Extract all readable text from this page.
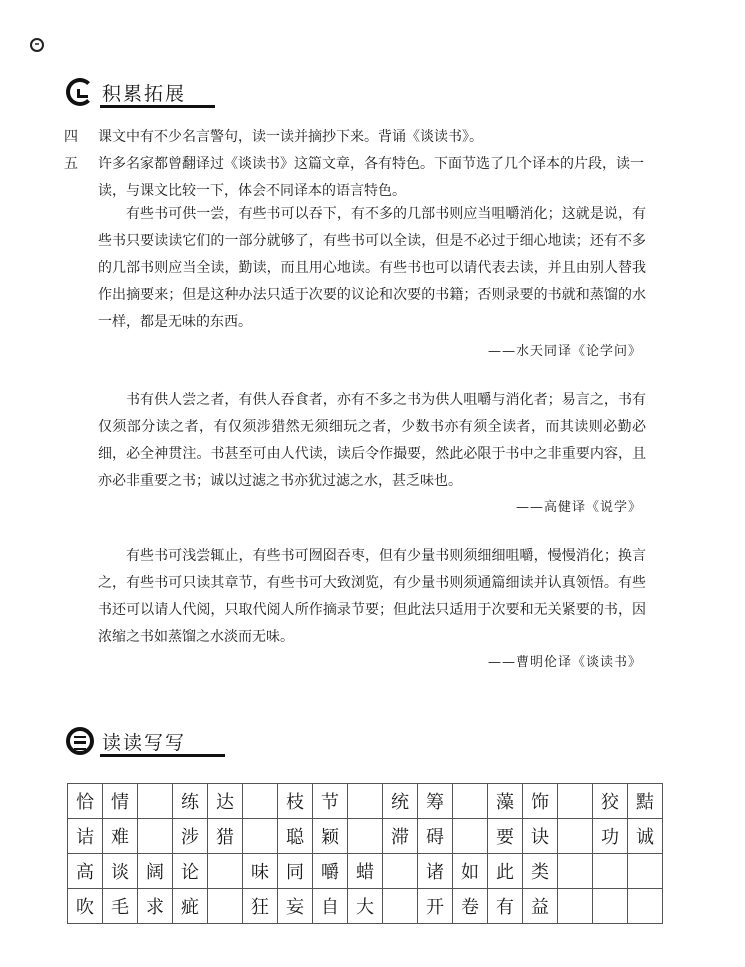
积累拓展
四	课文中有不少名言警句，读一读并摘抄下来。背诵《谈读书》。
五	许多名家都曾翻译过《谈读书》这篇文章，各有特色。下面节选了几个译本的片段，读一读，与课文比较一下，体会不同译本的语言特色。

有些书可供一尝，有些书可以吞下，有不多的几部书则应当咀嚼消化；这就是说，有些书只要读读它们的一部分就够了，有些书可以全读，但是不必过于细心地读；还有不多的几部书则应当全读，勤读，而且用心地读。有些书也可以请代表去读，并且由别人替我作出摘要来；但是这种办法只适于次要的议论和次要的书籍；否则录要的书就和蒸馏的水一样，都是无味的东西。

——水天同译《论学问》

书有供人尝之者，有供人吞食者，亦有不多之书为供人咀嚼与消化者；易言之，书有仅须部分读之者，有仅须涉猎然无须细玩之者，少数书亦有须全读者，而其读则必勤必细，必全神贯注。书甚至可由人代读，读后令作撮要，然此必限于书中之非重要内容，且亦必非重要之书；诚以过滤之书亦犹过滤之水，甚乏味也。

——高健译《说学》

有些书可浅尝辄止，有些书可囫囵吞枣，但有少量书则须细细咀嚼，慢慢消化；换言之，有些书可只读其章节，有些书可大致浏览，有少量书则须通篇细读并认真领悟。有些书还可以请人代阅，只取代阅人所作摘录节要；但此法只适用于次要和无关紧要的书，因浓缩之书如蒸馏之水淡而无味。

——曹明伦译《谈读书》
读读写写
恰	情		练	达		枝	节		统	筹		藻	饰		狡	黠
诘	难		涉	猎		聪	颖		滞	碍		要	诀		功	诚
高	谈	阔	论		味	同	嚼	蜡		诸	如	此	类			
吹	毛	求	疵		狂	妄	自	大		开	卷	有	益			
